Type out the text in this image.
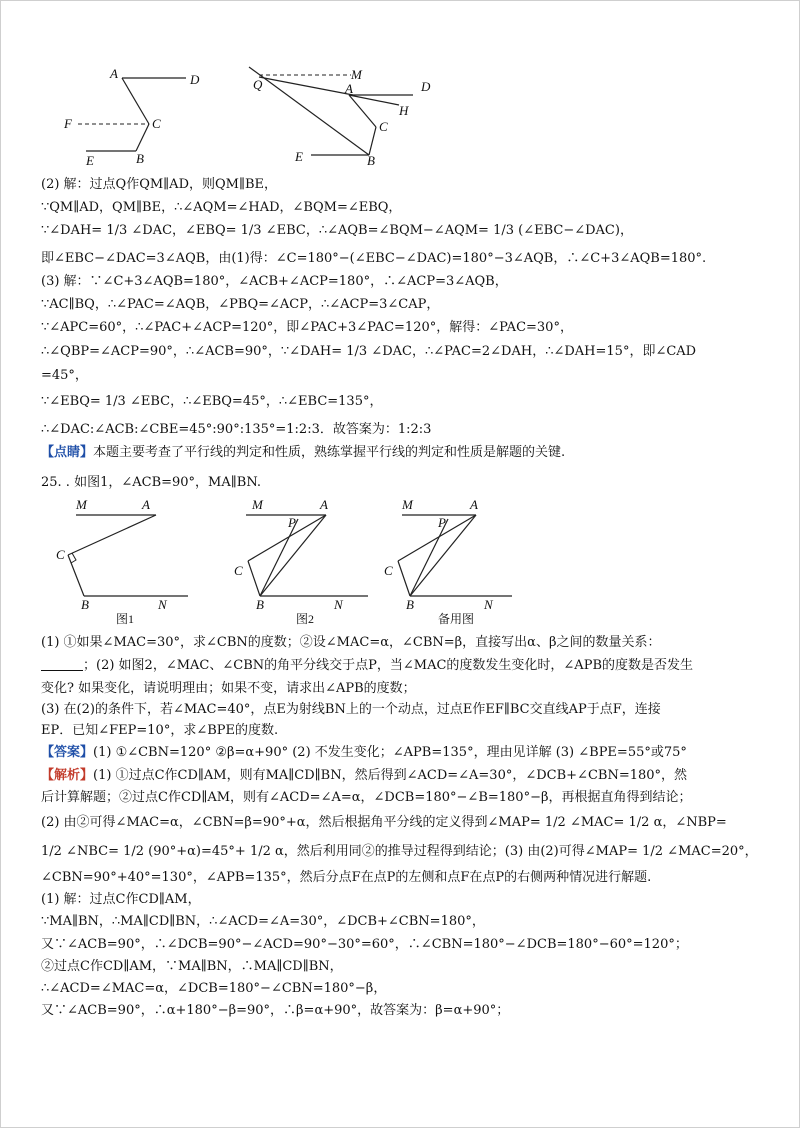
A	D
F	C
E	B
Q
M
A	D
H
C
E	B
(2) 解：过点Q作QM∥AD，则QM∥BE，
∵QM∥AD，QM∥BE，∴∠AQM=∠HAD，∠BQM=∠EBQ，
∵∠DAH= 1/3 ∠DAC，∠EBQ= 1/3 ∠EBC，∴∠AQB=∠BQM−∠AQM= 1/3 (∠EBC−∠DAC)，
即∠EBC−∠DAC=3∠AQB，由(1)得：∠C=180°−(∠EBC−∠DAC)=180°−3∠AQB，∴∠C+3∠AQB=180°.
(3) 解：∵∠C+3∠AQB=180°，∠ACB+∠ACP=180°，∴∠ACP=3∠AQB，
∵AC∥BQ，∴∠PAC=∠AQB，∠PBQ=∠ACP，∴∠ACP=3∠CAP，
∵∠APC=60°，∴∠PAC+∠ACP=120°，即∠PAC+3∠PAC=120°，解得：∠PAC=30°，
∴∠QBP=∠ACP=90°，∴∠ACB=90°，∵∠DAH= 1/3 ∠DAC，∴∠PAC=2∠DAH，∴∠DAH=15°，即∠CAD
=45°，
∵∠EBQ= 1/3 ∠EBC，∴∠EBQ=45°，∴∠EBC=135°，
∴∠DAC:∠ACB:∠CBE=45°:90°:135°=1:2:3．故答案为：1:2:3
【点睛】本题主要考查了平行线的判定和性质，熟练掌握平行线的判定和性质是解题的关键.
25. . 如图1，∠ACB=90°，MA∥BN.
M	A
C
B	N
图1
M	A
P
C
B	N
图2
M	A
P
C
B	N
备用图
(1) ①如果∠MAC=30°，求∠CBN的度数；②设∠MAC=α，∠CBN=β，直接写出α、β之间的数量关系：
；(2) 如图2，∠MAC、∠CBN的角平分线交于点P，当∠MAC的度数发生变化时，∠APB的度数是否发生
变化? 如果变化，请说明理由；如果不变，请求出∠APB的度数；
(3) 在(2)的条件下，若∠MAC=40°，点E为射线BN上的一个动点，过点E作EF∥BC交直线AP于点F，连接
EP．已知∠FEP=10°，求∠BPE的度数.
【答案】(1) ①∠CBN=120° ②β=α+90° (2) 不发生变化；∠APB=135°，理由见详解 (3) ∠BPE=55°或75°
【解析】(1) ①过点C作CD∥AM，则有MA∥CD∥BN，然后得到∠ACD=∠A=30°，∠DCB+∠CBN=180°，然
后计算解题；②过点C作CD∥AM，则有∠ACD=∠A=α，∠DCB=180°−∠B=180°−β，再根据直角得到结论；
(2) 由②可得∠MAC=α，∠CBN=β=90°+α，然后根据角平分线的定义得到∠MAP= 1/2 ∠MAC= 1/2 α，∠NBP=
1/2 ∠NBC= 1/2 (90°+α)=45°+ 1/2 α，然后利用同②的推导过程得到结论；(3) 由(2)可得∠MAP= 1/2 ∠MAC=20°，
∠CBN=90°+40°=130°，∠APB=135°，然后分点F在点P的左侧和点F在点P的右侧两种情况进行解题.
(1) 解：过点C作CD∥AM，
∵MA∥BN，∴MA∥CD∥BN，∴∠ACD=∠A=30°，∠DCB+∠CBN=180°，
又∵∠ACB=90°，∴∠DCB=90°−∠ACD=90°−30°=60°，∴∠CBN=180°−∠DCB=180°−60°=120°；
②过点C作CD∥AM，∵MA∥BN，∴MA∥CD∥BN，
∴∠ACD=∠MAC=α，∠DCB=180°−∠CBN=180°−β，
又∵∠ACB=90°，∴α+180°−β=90°，∴β=α+90°，故答案为：β=α+90°；
